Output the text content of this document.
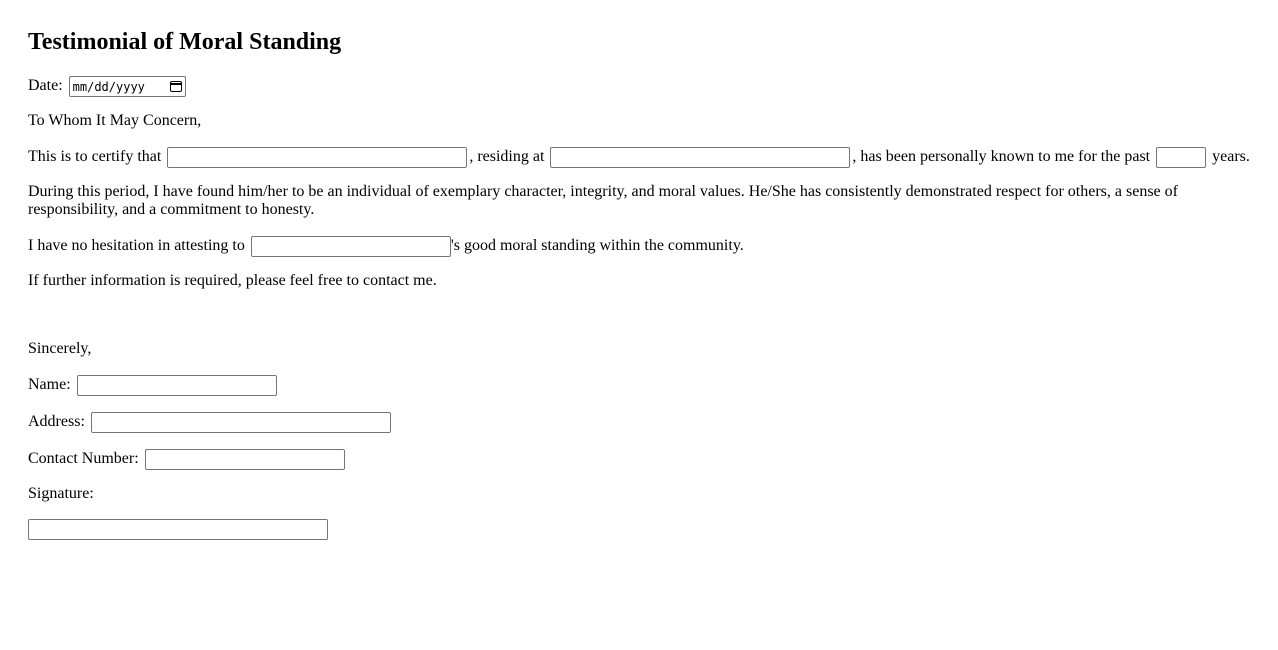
Testimonial of Moral Standing
Date: mm/dd/yyyy
To Whom It May Concern,
This is to certify that	, residing at	, has been personally known to me for the past	years.
During this period, I have found him/her to be an individual of exemplary character, integrity, and moral values. He/She has consistently demonstrated respect for others, a sense of responsibility, and a commitment to honesty.
I have no hesitation in attesting to	's good moral standing within the community.
If further information is required, please feel free to contact me.
Sincerely,
Name:
Address:
Contact Number:
Signature:
